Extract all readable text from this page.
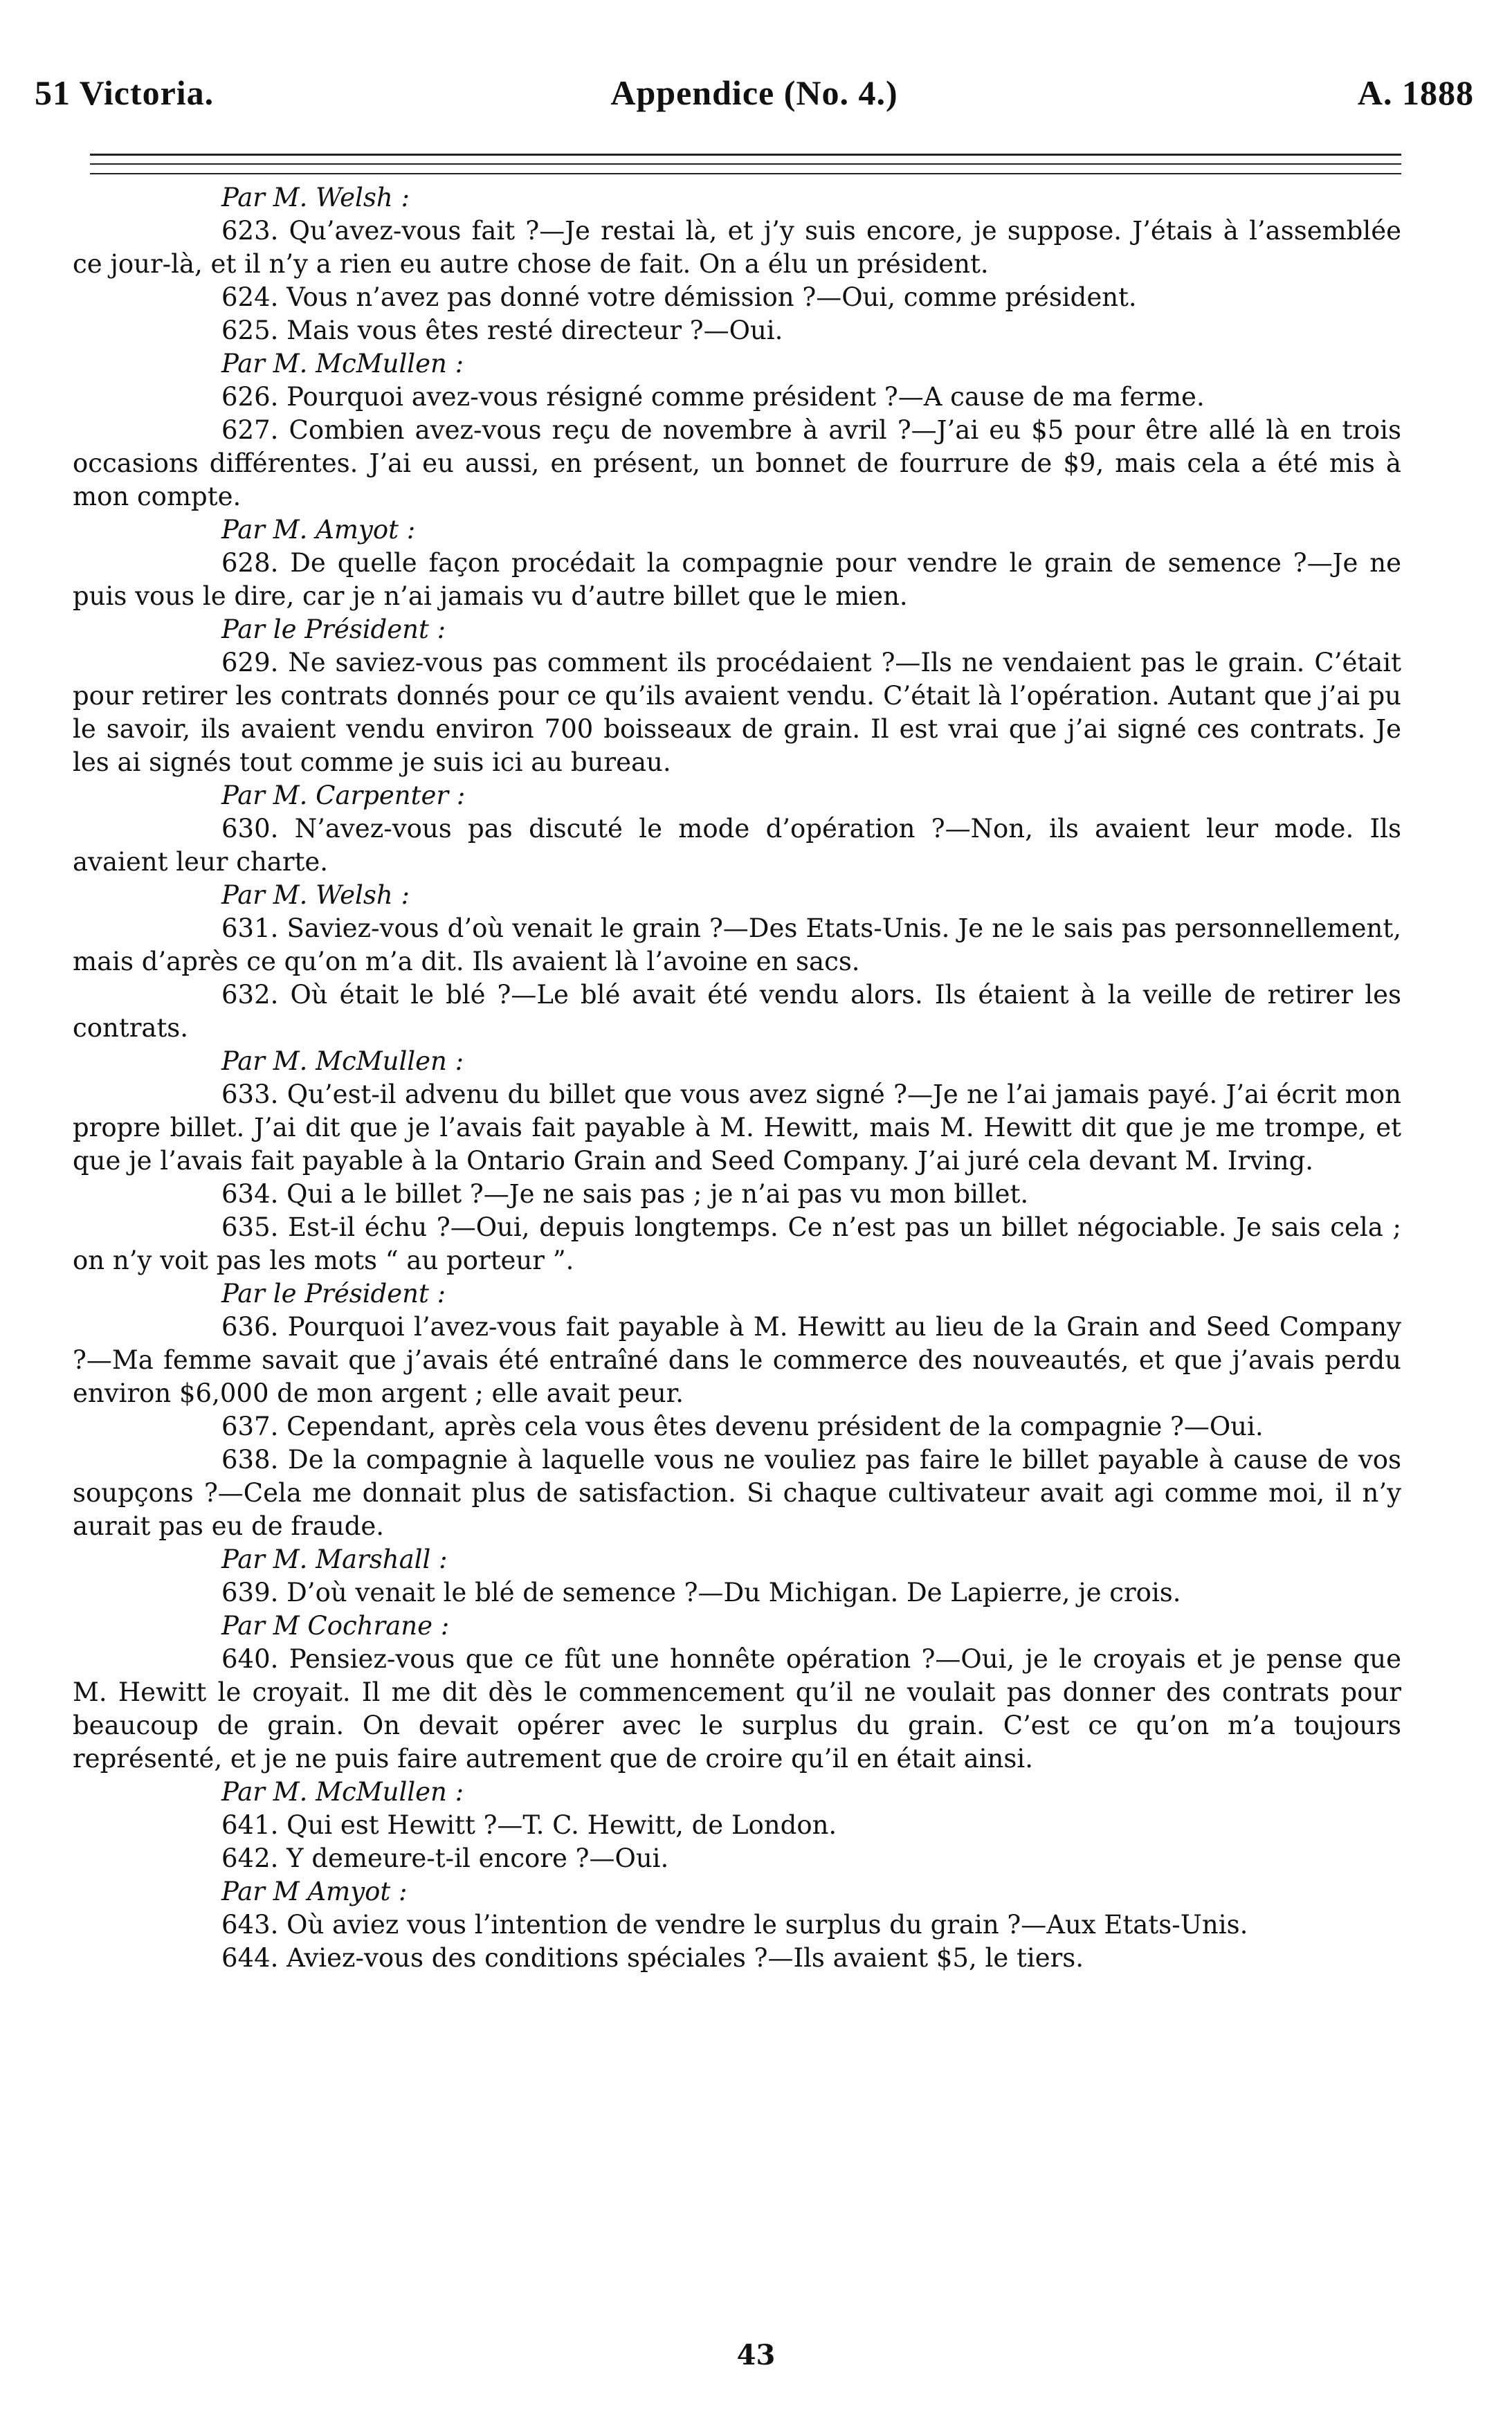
51 Victoria.	Appendice (No. 4.)	A. 1888
Par M. Welsh :
623. Qu’avez-vous fait ?—Je restai là, et j’y suis encore, je suppose. J’étais à l’assemblée ce jour-là, et il n’y a rien eu autre chose de fait. On a élu un président.
624. Vous n’avez pas donné votre démission ?—Oui, comme président.
625. Mais vous êtes resté directeur ?—Oui.
Par M. McMullen :
626. Pourquoi avez-vous résigné comme président ?—A cause de ma ferme.
627. Combien avez-vous reçu de novembre à avril ?—J’ai eu $5 pour être allé là en trois occasions différentes. J’ai eu aussi, en présent, un bonnet de fourrure de $9, mais cela a été mis à mon compte.
Par M. Amyot :
628. De quelle façon procédait la compagnie pour vendre le grain de semence ?—Je ne puis vous le dire, car je n’ai jamais vu d’autre billet que le mien.
Par le Président :
629. Ne saviez-vous pas comment ils procédaient ?—Ils ne vendaient pas le grain. C’était pour retirer les contrats donnés pour ce qu’ils avaient vendu. C’était là l’opération. Autant que j’ai pu le savoir, ils avaient vendu environ 700 boisseaux de grain. Il est vrai que j’ai signé ces contrats. Je les ai signés tout comme je suis ici au bureau.
Par M. Carpenter :
630. N’avez-vous pas discuté le mode d’opération ?—Non, ils avaient leur mode. Ils avaient leur charte.
Par M. Welsh :
631. Saviez-vous d’où venait le grain ?—Des Etats-Unis. Je ne le sais pas personnellement, mais d’après ce qu’on m’a dit. Ils avaient là l’avoine en sacs.
632. Où était le blé ?—Le blé avait été vendu alors. Ils étaient à la veille de retirer les contrats.
Par M. McMullen :
633. Qu’est-il advenu du billet que vous avez signé ?—Je ne l’ai jamais payé. J’ai écrit mon propre billet. J’ai dit que je l’avais fait payable à M. Hewitt, mais M. Hewitt dit que je me trompe, et que je l’avais fait payable à la Ontario Grain and Seed Company. J’ai juré cela devant M. Irving.
634. Qui a le billet ?—Je ne sais pas ; je n’ai pas vu mon billet.
635. Est-il échu ?—Oui, depuis longtemps. Ce n’est pas un billet négociable. Je sais cela ; on n’y voit pas les mots “ au porteur ”.
Par le Président :
636. Pourquoi l’avez-vous fait payable à M. Hewitt au lieu de la Grain and Seed Company ?—Ma femme savait que j’avais été entraîné dans le commerce des nouveautés, et que j’avais perdu environ $6,000 de mon argent ; elle avait peur.
637. Cependant, après cela vous êtes devenu président de la compagnie ?—Oui.
638. De la compagnie à laquelle vous ne vouliez pas faire le billet payable à cause de vos soupçons ?—Cela me donnait plus de satisfaction. Si chaque cultivateur avait agi comme moi, il n’y aurait pas eu de fraude.
Par M. Marshall :
639. D’où venait le blé de semence ?—Du Michigan. De Lapierre, je crois.
Par M Cochrane :
640. Pensiez-vous que ce fût une honnête opération ?—Oui, je le croyais et je pense que M. Hewitt le croyait. Il me dit dès le commencement qu’il ne voulait pas donner des contrats pour beaucoup de grain. On devait opérer avec le surplus du grain. C’est ce qu’on m’a toujours représenté, et je ne puis faire autrement que de croire qu’il en était ainsi.
Par M. McMullen :
641. Qui est Hewitt ?—T. C. Hewitt, de London.
642. Y demeure-t-il encore ?—Oui.
Par M Amyot :
643. Où aviez vous l’intention de vendre le surplus du grain ?—Aux Etats-Unis.
644. Aviez-vous des conditions spéciales ?—Ils avaient $5, le tiers.
43
